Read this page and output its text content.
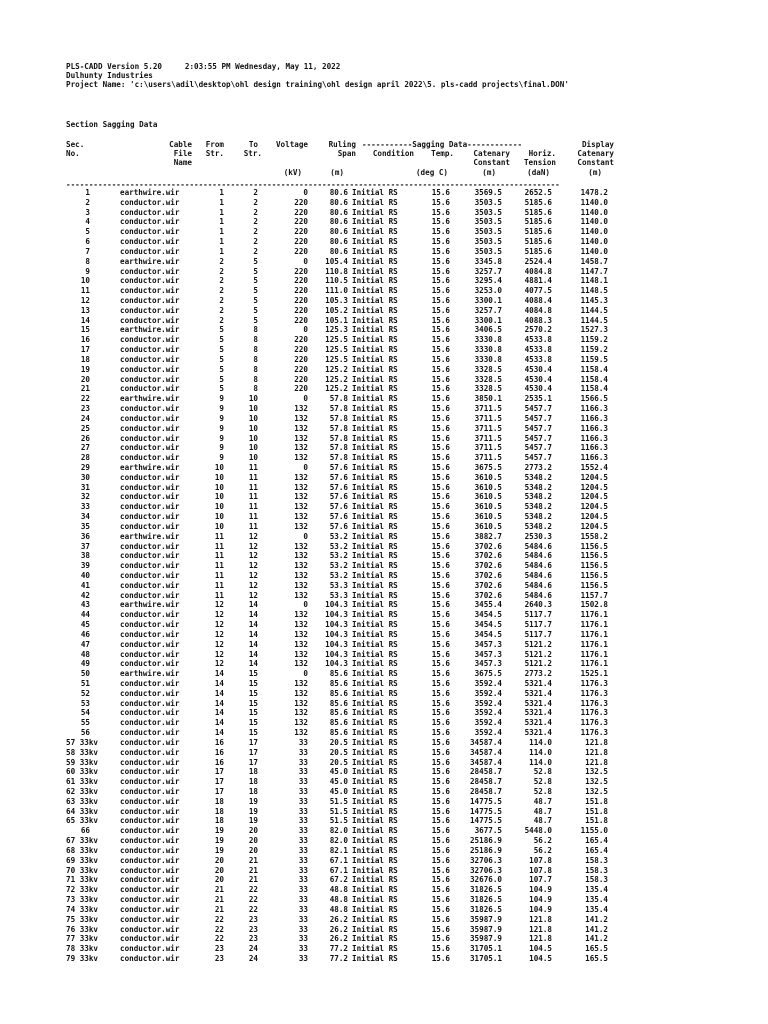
PLS-CADD Version 5.20     2:03:55 PM Wednesday, May 11, 2022
Dulhunty Industries
Project Name: 'c:\users\adil\desktop\ohl design training\ohl design april 2022\5. pls-cadd projects\final.DON'
Section Sagging Data
Sec.	Cable	From	To	Voltage	Ruling -----------Sagging Data------------	Display
No.	File	Str.	Str.	Span	Condition	Temp.	Catenary	Horiz.	Catenary
Name	Constant	Tension	Constant
(kV)	(m)	(deg C)	(m)	(daN)	(m)
------------------------------------------------------------------------------------------------------------
1	earthwire.wir	1	2	0	80.6 Initial RS	15.6	3569.5	2652.5	1478.2
2	conductor.wir	1	2	220	80.6 Initial RS	15.6	3503.5	5185.6	1140.0
3	conductor.wir	1	2	220	80.6 Initial RS	15.6	3503.5	5185.6	1140.0
4	conductor.wir	1	2	220	80.6 Initial RS	15.6	3503.5	5185.6	1140.0
5	conductor.wir	1	2	220	80.6 Initial RS	15.6	3503.5	5185.6	1140.0
6	conductor.wir	1	2	220	80.6 Initial RS	15.6	3503.5	5185.6	1140.0
7	conductor.wir	1	2	220	80.6 Initial RS	15.6	3503.5	5185.6	1140.0
8	earthwire.wir	2	5	0	105.4 Initial RS	15.6	3345.8	2524.4	1458.7
9	conductor.wir	2	5	220	110.8 Initial RS	15.6	3257.7	4084.8	1147.7
10	conductor.wir	2	5	220	110.5 Initial RS	15.6	3295.4	4881.4	1148.1
11	conductor.wir	2	5	220	111.0 Initial RS	15.6	3253.0	4077.5	1148.5
12	conductor.wir	2	5	220	105.3 Initial RS	15.6	3300.1	4088.4	1145.3
13	conductor.wir	2	5	220	105.2 Initial RS	15.6	3257.7	4084.8	1144.5
14	conductor.wir	2	5	220	105.1 Initial RS	15.6	3300.1	4088.3	1144.5
15	earthwire.wir	5	8	0	125.3 Initial RS	15.6	3406.5	2570.2	1527.3
16	conductor.wir	5	8	220	125.5 Initial RS	15.6	3330.8	4533.8	1159.2
17	conductor.wir	5	8	220	125.5 Initial RS	15.6	3330.8	4533.8	1159.2
18	conductor.wir	5	8	220	125.5 Initial RS	15.6	3330.8	4533.8	1159.5
19	conductor.wir	5	8	220	125.2 Initial RS	15.6	3328.5	4530.4	1158.4
20	conductor.wir	5	8	220	125.2 Initial RS	15.6	3328.5	4530.4	1158.4
21	conductor.wir	5	8	220	125.2 Initial RS	15.6	3328.5	4530.4	1158.4
22	earthwire.wir	9	10	0	57.8 Initial RS	15.6	3850.1	2535.1	1566.5
23	conductor.wir	9	10	132	57.8 Initial RS	15.6	3711.5	5457.7	1166.3
24	conductor.wir	9	10	132	57.8 Initial RS	15.6	3711.5	5457.7	1166.3
25	conductor.wir	9	10	132	57.8 Initial RS	15.6	3711.5	5457.7	1166.3
26	conductor.wir	9	10	132	57.8 Initial RS	15.6	3711.5	5457.7	1166.3
27	conductor.wir	9	10	132	57.8 Initial RS	15.6	3711.5	5457.7	1166.3
28	conductor.wir	9	10	132	57.8 Initial RS	15.6	3711.5	5457.7	1166.3
29	earthwire.wir	10	11	0	57.6 Initial RS	15.6	3675.5	2773.2	1552.4
30	conductor.wir	10	11	132	57.6 Initial RS	15.6	3610.5	5348.2	1204.5
31	conductor.wir	10	11	132	57.6 Initial RS	15.6	3610.5	5348.2	1204.5
32	conductor.wir	10	11	132	57.6 Initial RS	15.6	3610.5	5348.2	1204.5
33	conductor.wir	10	11	132	57.6 Initial RS	15.6	3610.5	5348.2	1204.5
34	conductor.wir	10	11	132	57.6 Initial RS	15.6	3610.5	5348.2	1204.5
35	conductor.wir	10	11	132	57.6 Initial RS	15.6	3610.5	5348.2	1204.5
36	earthwire.wir	11	12	0	53.2 Initial RS	15.6	3882.7	2530.3	1558.2
37	conductor.wir	11	12	132	53.2 Initial RS	15.6	3702.6	5484.6	1156.5
38	conductor.wir	11	12	132	53.2 Initial RS	15.6	3702.6	5484.6	1156.5
39	conductor.wir	11	12	132	53.2 Initial RS	15.6	3702.6	5484.6	1156.5
40	conductor.wir	11	12	132	53.2 Initial RS	15.6	3702.6	5484.6	1156.5
41	conductor.wir	11	12	132	53.3 Initial RS	15.6	3702.6	5484.6	1156.5
42	conductor.wir	11	12	132	53.3 Initial RS	15.6	3702.6	5484.6	1157.7
43	earthwire.wir	12	14	0	104.3 Initial RS	15.6	3455.4	2640.3	1502.8
44	conductor.wir	12	14	132	104.3 Initial RS	15.6	3454.5	5117.7	1176.1
45	conductor.wir	12	14	132	104.3 Initial RS	15.6	3454.5	5117.7	1176.1
46	conductor.wir	12	14	132	104.3 Initial RS	15.6	3454.5	5117.7	1176.1
47	conductor.wir	12	14	132	104.3 Initial RS	15.6	3457.3	5121.2	1176.1
48	conductor.wir	12	14	132	104.3 Initial RS	15.6	3457.3	5121.2	1176.1
49	conductor.wir	12	14	132	104.3 Initial RS	15.6	3457.3	5121.2	1176.1
50	earthwire.wir	14	15	0	85.6 Initial RS	15.6	3675.5	2773.2	1525.1
51	conductor.wir	14	15	132	85.6 Initial RS	15.6	3592.4	5321.4	1176.3
52	conductor.wir	14	15	132	85.6 Initial RS	15.6	3592.4	5321.4	1176.3
53	conductor.wir	14	15	132	85.6 Initial RS	15.6	3592.4	5321.4	1176.3
54	conductor.wir	14	15	132	85.6 Initial RS	15.6	3592.4	5321.4	1176.3
55	conductor.wir	14	15	132	85.6 Initial RS	15.6	3592.4	5321.4	1176.3
56	conductor.wir	14	15	132	85.6 Initial RS	15.6	3592.4	5321.4	1176.3
57 33kv	conductor.wir	16	17	33	20.5 Initial RS	15.6	34587.4	114.0	121.8
58 33kv	conductor.wir	16	17	33	20.5 Initial RS	15.6	34587.4	114.0	121.8
59 33kv	conductor.wir	16	17	33	20.5 Initial RS	15.6	34587.4	114.0	121.8
60 33kv	conductor.wir	17	18	33	45.0 Initial RS	15.6	28458.7	52.8	132.5
61 33kv	conductor.wir	17	18	33	45.0 Initial RS	15.6	28458.7	52.8	132.5
62 33kv	conductor.wir	17	18	33	45.0 Initial RS	15.6	28458.7	52.8	132.5
63 33kv	conductor.wir	18	19	33	51.5 Initial RS	15.6	14775.5	48.7	151.8
64 33kv	conductor.wir	18	19	33	51.5 Initial RS	15.6	14775.5	48.7	151.8
65 33kv	conductor.wir	18	19	33	51.5 Initial RS	15.6	14775.5	48.7	151.8
66	conductor.wir	19	20	33	82.0 Initial RS	15.6	3677.5	5448.0	1155.0
67 33kv	conductor.wir	19	20	33	82.0 Initial RS	15.6	25186.9	56.2	165.4
68 33kv	conductor.wir	19	20	33	82.1 Initial RS	15.6	25186.9	56.2	165.4
69 33kv	conductor.wir	20	21	33	67.1 Initial RS	15.6	32706.3	107.8	158.3
70 33kv	conductor.wir	20	21	33	67.1 Initial RS	15.6	32706.3	107.8	158.3
71 33kv	conductor.wir	20	21	33	67.2 Initial RS	15.6	32676.0	107.7	158.3
72 33kv	conductor.wir	21	22	33	48.8 Initial RS	15.6	31826.5	104.9	135.4
73 33kv	conductor.wir	21	22	33	48.8 Initial RS	15.6	31826.5	104.9	135.4
74 33kv	conductor.wir	21	22	33	48.8 Initial RS	15.6	31826.5	104.9	135.4
75 33kv	conductor.wir	22	23	33	26.2 Initial RS	15.6	35987.9	121.8	141.2
76 33kv	conductor.wir	22	23	33	26.2 Initial RS	15.6	35987.9	121.8	141.2
77 33kv	conductor.wir	22	23	33	26.2 Initial RS	15.6	35987.9	121.8	141.2
78 33kv	conductor.wir	23	24	33	77.2 Initial RS	15.6	31705.1	104.5	165.5
79 33kv	conductor.wir	23	24	33	77.2 Initial RS	15.6	31705.1	104.5	165.5
